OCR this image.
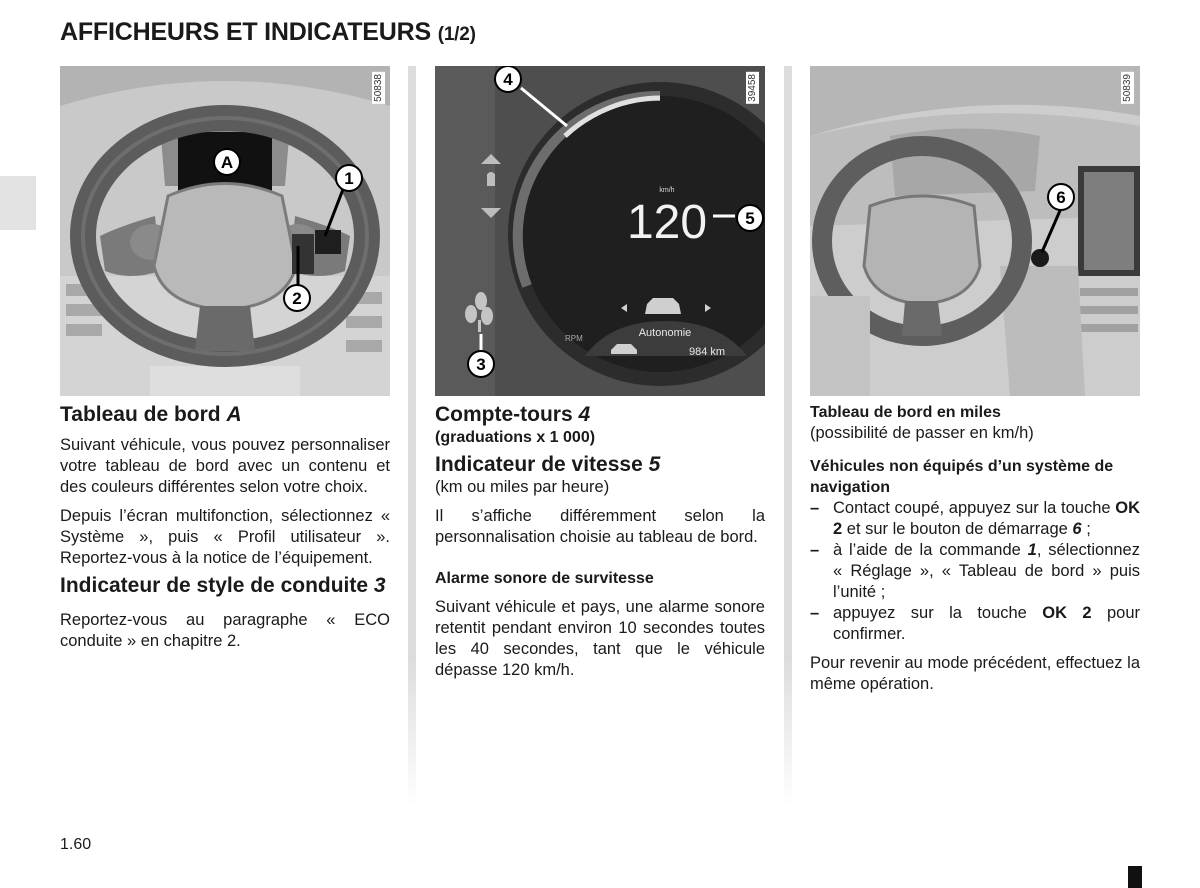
AFFICHEURS ET INDICATEURS (1/2)
A
1
2
50838
km/h
120
RPM	Autonomie
984 km
4
5
3
39458
6
50839
Tableau de bord A

Suivant véhicule, vous pouvez personnaliser votre tableau de bord avec un contenu et des couleurs différentes selon votre choix.

Depuis l’écran multifonction, sélectionnez « Système », puis « Profil utilisateur ». Reportez-vous à la notice de l’équipement.

Indicateur de style de conduite 3

Reportez-vous au paragraphe « ECO conduite » en chapitre 2.

Compte-tours 4
(graduations x 1 000)
Indicateur de vitesse 5
(km ou miles par heure)

Il s’affiche différemment selon la personnalisation choisie au tableau de bord.

Alarme sonore de survitesse

Suivant véhicule et pays, une alarme sonore retentit pendant environ 10 secondes toutes les 40 secondes, tant que le véhicule dépasse 120 km/h.

Tableau de bord en miles
(possibilité de passer en km/h)
Véhicules non équipés d’un système de navigation
– Contact coupé, appuyez sur la touche OK 2 et sur le bouton de démarrage 6 ;
– à l’aide de la commande 1, sélectionnez « Réglage », « Tableau de bord » puis l’unité ;
– appuyez sur la touche OK 2 pour confirmer.

Pour revenir au mode précédent, effectuez la même opération.

1.60
